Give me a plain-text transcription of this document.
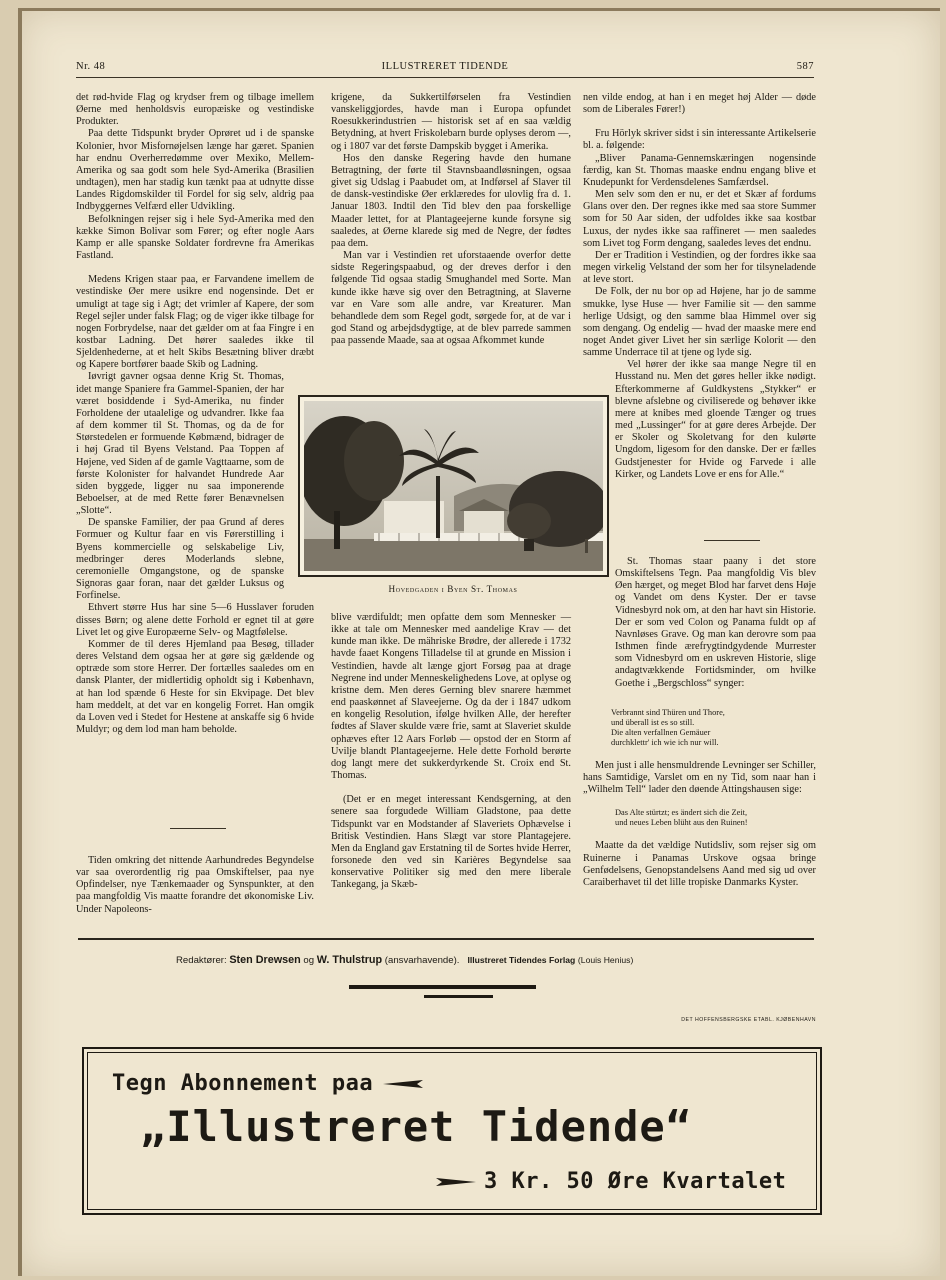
Nr. 48	ILLUSTRERET TIDENDE	587

det rød-hvide Flag og krydser frem og tilbage imellem Øerne med henholdsvis europæiske og vestindiske Produkter.

Paa dette Tidspunkt bryder Oprøret ud i de spanske Kolonier, hvor Misfornøjelsen længe har gæret. Spanien har endnu Overherredømme over Mexiko, Mellem-Amerika og saa godt som hele Syd-Amerika (Brasilien undtagen), men har stadig kun tænkt paa at udnytte disse Landes Rigdomskilder til Fordel for sig selv, aldrig paa Indbyggernes Velfærd eller Udvikling.

Befolkningen rejser sig i hele Syd-Amerika med den kække Simon Bolivar som Fører; og efter nogle Aars Kamp er alle spanske Soldater fordrevne fra Amerikas Fastland.

Medens Krigen staar paa, er Farvandene imellem de vestindiske Øer mere usikre end nogensinde. Det er umuligt at tage sig i Agt; det vrimler af Kapere, der som Regel sejler under falsk Flag; og de viger ikke tilbage for nogen Forbrydelse, naar det gælder om at faa Fingre i en kostbar Ladning. Det hører saaledes ikke til Sjeldenhederne, at et helt Skibs Besætning bliver dræbt og Kapere bortfører baade Skib og Ladning.

Iøvrigt gavner ogsaa denne Krig St. Thomas, idet mange Spaniere fra Gammel-Spanien, der har været bosiddende i Syd-Amerika, nu finder Forholdene der utaalelige og udvandrer. Ikke faa af dem kommer til St. Thomas, og da de for Størstedelen er formuende Købmænd, bidrager de i høj Grad til Byens Velstand. Paa Toppen af Højene, ved Siden af de gamle Vagttaarne, som de første Kolonister for halvandet Hundrede Aar siden byggede, ligger nu saa imponerende Beboelser, at de med Rette fører Benævnelsen „Slotte“.

De spanske Familier, der paa Grund af deres Formuer og Kultur faar en vis Førerstilling i Byens kommercielle og selskabelige Liv, medbringer deres Moderlands slebne, ceremonielle Omgangstone, og de spanske Signoras gaar foran, naar det gælder Luksus og Forfinelse.

Ethvert større Hus har sine 5—6 Husslaver foruden disses Børn; og alene dette Forhold er egnet til at gøre Livet let og give Europæerne Selv- og Magtfølelse.

Kommer de til deres Hjemland paa Besøg, tillader deres Velstand dem ogsaa her at gøre sig gældende og optræde som store Herrer. Der fortælles saaledes om en dansk Planter, der midlertidig opholdt sig i København, at han lod spænde 6 Heste for sin Ekvipage. Det blev ham meddelt, at det var en kongelig Forret. Han omgik da Loven ved i Stedet for Hestene at anskaffe sig 6 hvide Muldyr; og dem lod man ham beholde.

Tiden omkring det nittende Aarhundredes Begyndelse var saa overordentlig rig paa Omskiftelser, paa nye Opfindelser, nye Tænkemaader og Synspunkter, at den paa mangfoldig Vis maatte forandre det økonomiske Liv. Under Napoleons-

krigene, da Sukkertilførselen fra Vestindien vanskeliggjordes, havde man i Europa opfundet Roesukkerindustrien — historisk set af en saa vældig Betydning, at hvert Friskolebarn burde oplyses derom —, og i 1807 var det første Dampskib bygget i Amerika.

Hos den danske Regering havde den humane Betragtning, der førte til Stavnsbaandløsningen, ogsaa givet sig Udslag i Paabudet om, at Indførsel af Slaver til de dansk-vestindiske Øer erklæredes for ulovlig fra d. 1. Januar 1803. Indtil den Tid blev den paa forskellige Maader lettet, for at Plantageejerne kunde forsyne sig saaledes, at Øerne klarede sig med de Negre, der fødtes paa dem.

Man var i Vestindien ret uforstaaende overfor dette sidste Regeringspaabud, og der dreves derfor i den følgende Tid ogsaa stadig Smughandel med Sorte. Man kunde ikke hæve sig over den Betragtning, at Slaverne var en Vare som alle andre, var Kreaturer. Man behandlede dem som Regel godt, sørgede for, at de var i god Stand og arbejdsdygtige, at de blev parrede sammen paa passende Maade, saa at ogsaa Afkommet kunde

Hovedgaden i Byen St. Thomas

blive værdifuldt; men opfatte dem som Mennesker — ikke at tale om Mennesker med aandelige Krav — det kunde man ikke. De mähriske Brødre, der allerede i 1732 havde faaet Kongens Tilladelse til at grunde en Mission i Vestindien, havde alt længe gjort Forsøg paa at drage Negrene ind under Menneskelighedens Love, at oplyse og kristne dem. Men deres Gerning blev snarere hæmmet end paaskønnet af Slaveejerne. Og da der i 1847 udkom en kongelig Resolution, ifølge hvilken Alle, der herefter fødtes af Slaver skulde være frie, samt at Slaveriet skulde ophæves efter 12 Aars Forløb — opstod der en Storm af Uvilje blandt Plantageejerne. Hele dette Forhold berørte dog langt mere det sukkerdyrkende St. Croix end St. Thomas.

(Det er en meget interessant Kendsgerning, at den senere saa forgudede William Gladstone, paa dette Tidspunkt var en Modstander af Slaveriets Ophævelse i Britisk Vestindien. Hans Slægt var store Plantagejere. Men da England gav Erstatning til de Sortes hvide Herrer, forsonede den ved sin Karières Begyndelse saa konservative Politiker sig med den mere liberale Tankegang, ja Skæb-

nen vilde endog, at han i en meget høj Alder — døde som de Liberales Fører!)

Fru Hörlyk skriver sidst i sin interessante Artikelserie bl. a. følgende:

„Bliver Panama-Gennemskæringen nogensinde færdig, kan St. Thomas maaske endnu engang blive et Knudepunkt for Verdensdelenes Samfærdsel.

Men selv som den er nu, er det et Skær af fordums Glans over den. Der regnes ikke med saa store Summer som for 50 Aar siden, der udfoldes ikke saa kostbar Luxus, der nydes ikke saa raffineret — men saaledes som Livet tog Form dengang, saaledes leves det endnu.

Der er Tradition i Vestindien, og der fordres ikke saa megen virkelig Velstand der som her for tilsyneladende at leve stort.

De Folk, der nu bor op ad Højene, har jo de samme smukke, lyse Huse — hver Familie sit — den samme herlige Udsigt, og den samme blaa Himmel over sig som dengang. Og endelig — hvad der maaske mere end noget Andet giver Livet her sin særlige Kolorit — den samme Underrace til at tjene og lyde sig.

Vel hører der ikke saa mange Negre til en Husstand nu. Men det gøres heller ikke nødigt. Efterkommerne af Guldkystens „Stykker“ er blevne afslebne og civiliserede og behøver ikke mere at knibes med gloende Tænger og trues med „Lussinger“ for at gøre deres Arbejde. Der er Skoler og Skoletvang for den kulørte Ungdom, ligesom for den danske. Der er fælles Gudstjenester for Hvide og Farvede i alle Kirker, og Landets Love er ens for Alle.“

St. Thomas staar paany i det store Omskiftelsens Tegn. Paa mangfoldig Vis blev Øen hærget, og meget Blod har farvet dens Høje og Vandet om dens Kyster. Der er tavse Vidnesbyrd nok om, at den har havt sin Historie. Der er som ved Colon og Panama fuldt op af Navnløses Grave. Og man kan derovre som paa Isthmen finde ærefrygtindgydende Murrester som Vidnesbyrd om en uskreven Historie, slige andagtvækkende Fortidsminder, om hvilke Goethe i „Bergschloss“ synger:

Verbrannt sind Thüren und Thore,

und überall ist es so still.

Die alten verfallnen Gemäuer

durchklettr' ich wie ich nur will.

Men just i alle hensmuldrende Levninger ser Schiller, hans Samtidige, Varslet om en ny Tid, som naar han i „Wilhelm Tell“ lader den døende Attingshausen sige:

Das Alte stürtzt; es ändert sich die Zeit,

und neues Leben blüht aus den Ruinen!

Maatte da det vældige Nutidsliv, som rejser sig om Ruinerne i Panamas Urskove ogsaa bringe Genfødelsens, Genopstandelsens Aand med sig ud over Caraiberhavet til det lille tropiske Danmarks Kyster.

Redaktører: Sten Drewsen og W. Thulstrup (ansvarhavende). Illustreret Tidendes Forlag (Louis Henius)
DET HOFFENSBERGSKE ETABL. KJØBENHAVN
Tegn Abonnement paa
„Illustreret Tidende“
3 Kr. 50 Øre Kvartalet
